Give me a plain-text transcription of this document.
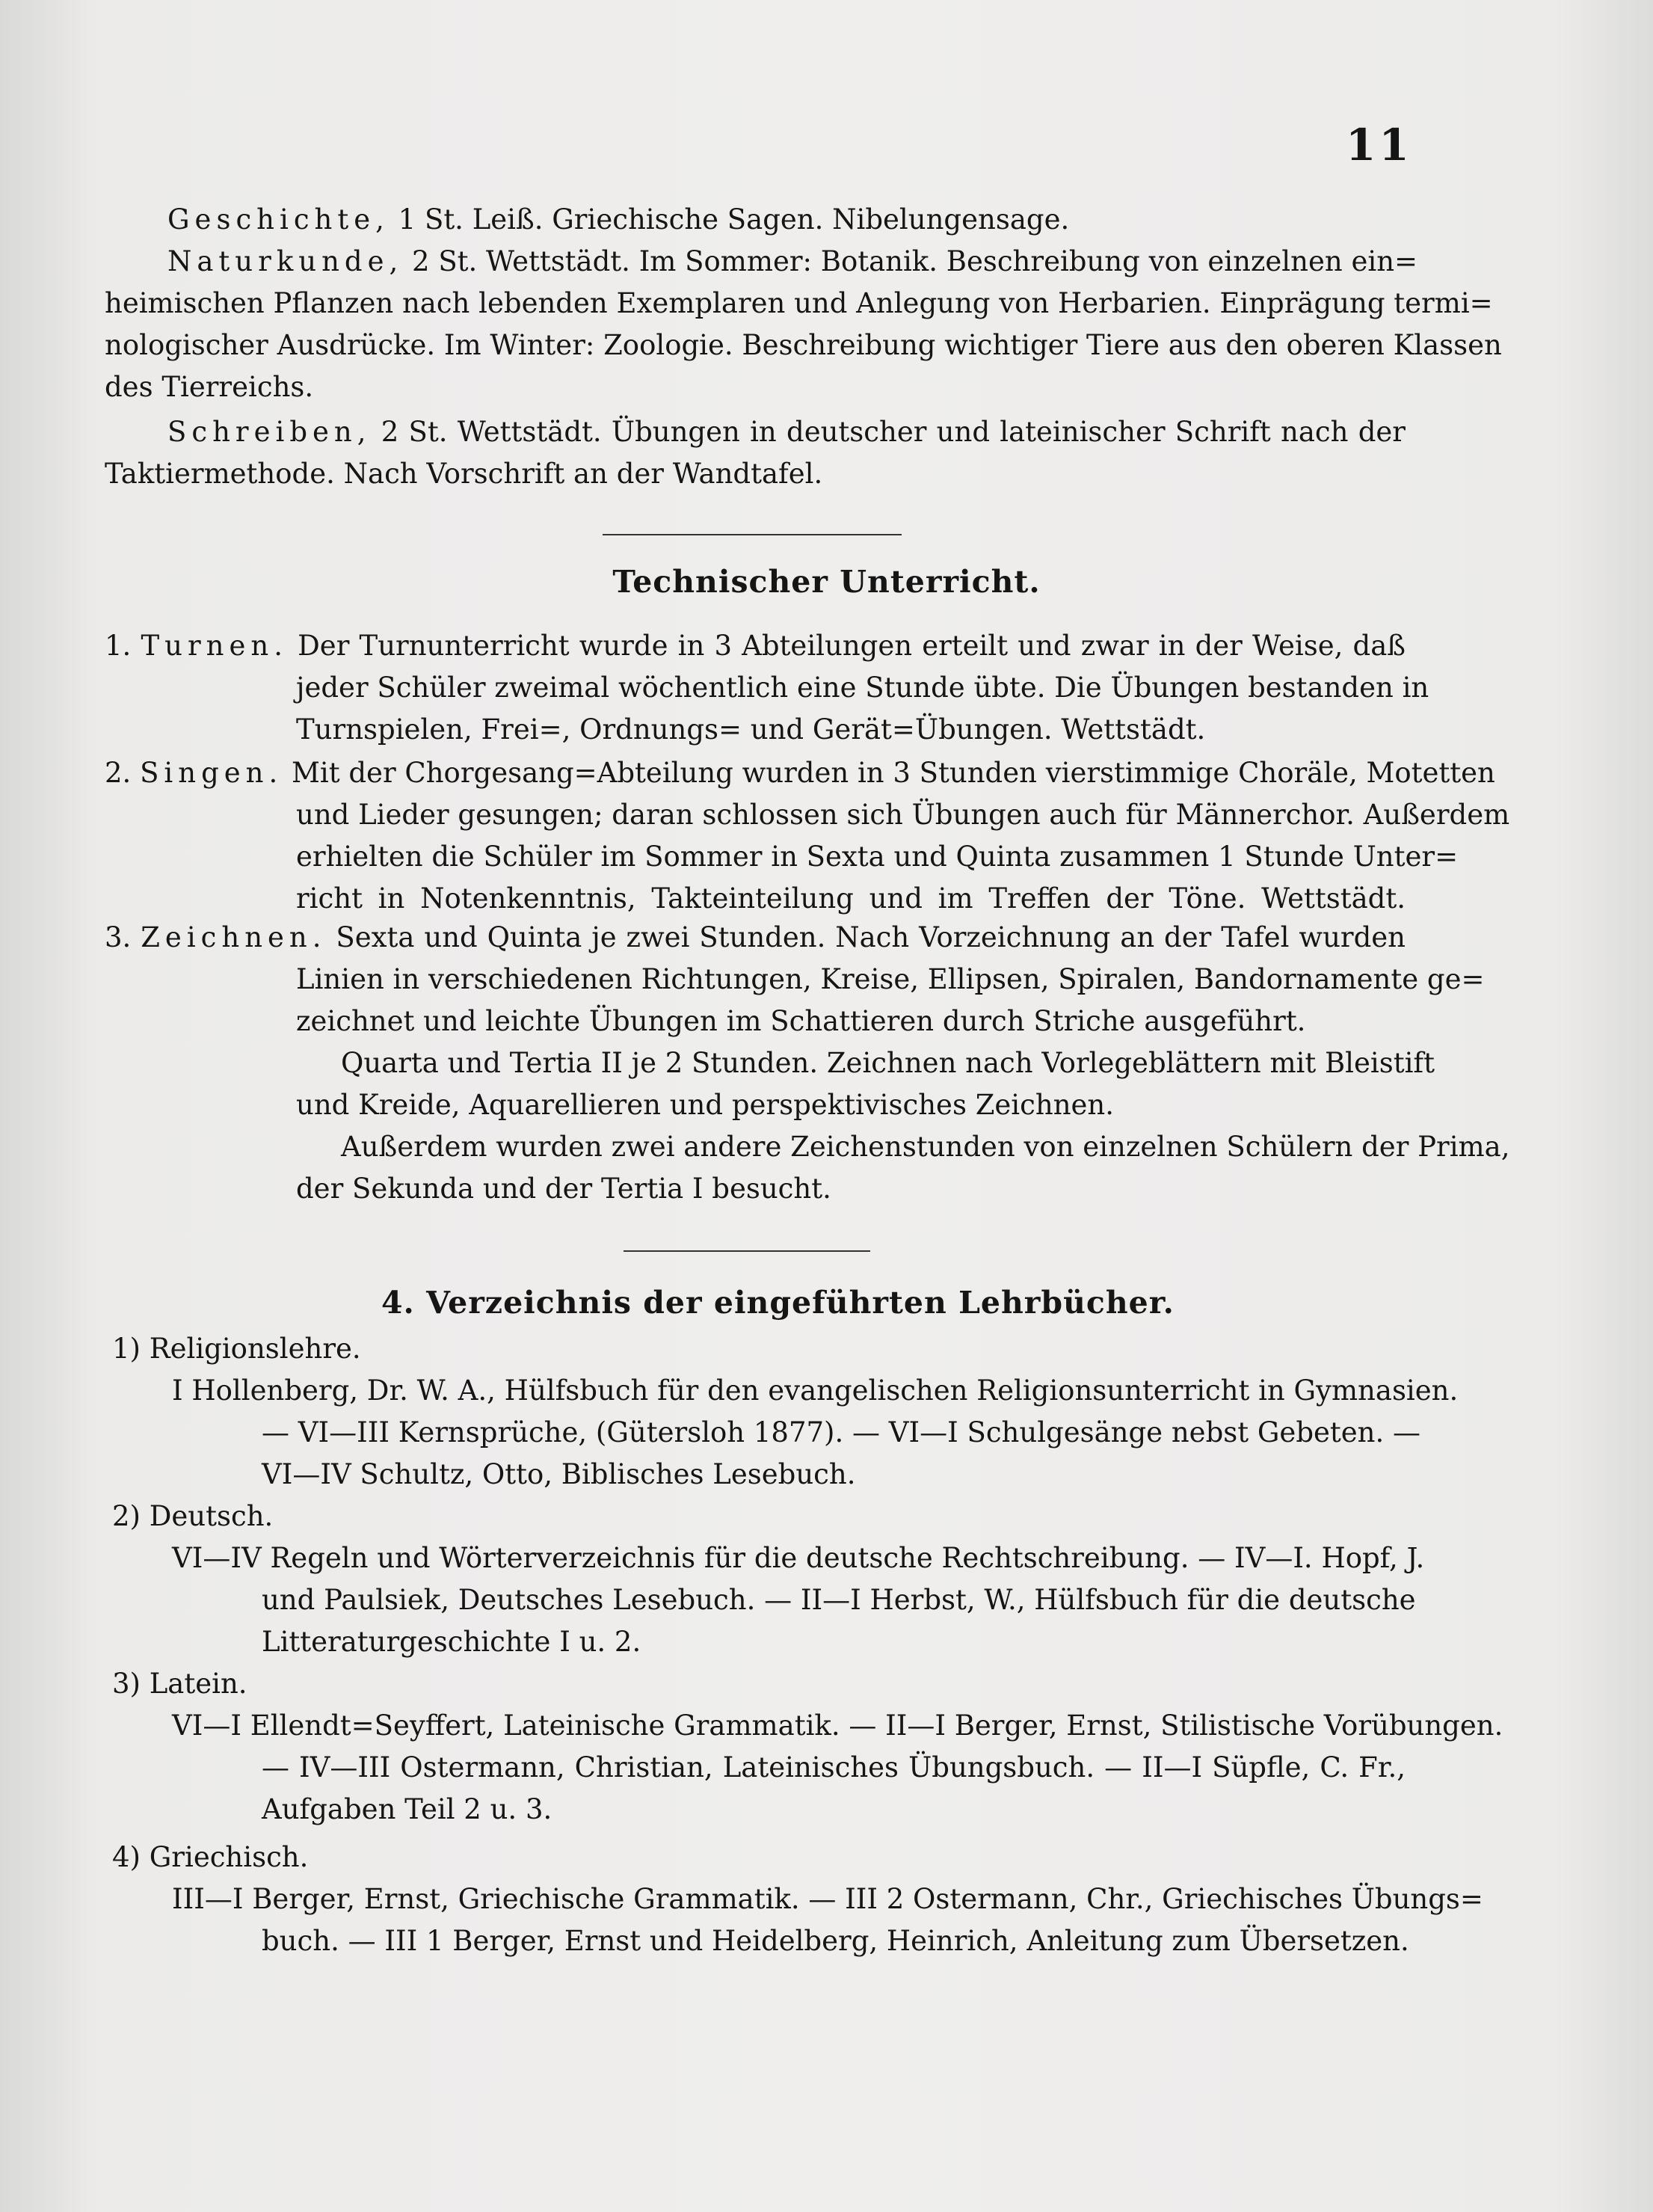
11
Geschichte, 1 St. Leiß. Griechische Sagen. Nibelungensage.
Naturkunde, 2 St. Wettstädt. Im Sommer: Botanik. Beschreibung von einzelnen ein=
heimischen Pflanzen nach lebenden Exemplaren und Anlegung von Herbarien. Einprägung termi=
nologischer Ausdrücke. Im Winter: Zoologie. Beschreibung wichtiger Tiere aus den oberen Klassen
des Tierreichs.
Schreiben, 2 St. Wettstädt. Übungen in deutscher und lateinischer Schrift nach der
Taktiermethode. Nach Vorschrift an der Wandtafel.
Technischer Unterricht.
1. Turnen. Der Turnunterricht wurde in 3 Abteilungen erteilt und zwar in der Weise, daß
jeder Schüler zweimal wöchentlich eine Stunde übte. Die Übungen bestanden in
Turnspielen, Frei=, Ordnungs= und Gerät=Übungen. Wettstädt.
2. Singen. Mit der Chorgesang=Abteilung wurden in 3 Stunden vierstimmige Choräle, Motetten
und Lieder gesungen; daran schlossen sich Übungen auch für Männerchor. Außerdem
erhielten die Schüler im Sommer in Sexta und Quinta zusammen 1 Stunde Unter=
richt in Notenkenntnis, Takteinteilung und im Treffen der Töne. Wettstädt.
3. Zeichnen. Sexta und Quinta je zwei Stunden. Nach Vorzeichnung an der Tafel wurden
Linien in verschiedenen Richtungen, Kreise, Ellipsen, Spiralen, Bandornamente ge=
zeichnet und leichte Übungen im Schattieren durch Striche ausgeführt.
Quarta und Tertia II je 2 Stunden. Zeichnen nach Vorlegeblättern mit Bleistift
und Kreide, Aquarellieren und perspektivisches Zeichnen.
Außerdem wurden zwei andere Zeichenstunden von einzelnen Schülern der Prima,
der Sekunda und der Tertia I besucht.
4. Verzeichnis der eingeführten Lehrbücher.
1) Religionslehre.
I Hollenberg, Dr. W. A., Hülfsbuch für den evangelischen Religionsunterricht in Gymnasien.
— VI—III Kernsprüche, (Gütersloh 1877). — VI—I Schulgesänge nebst Gebeten. —
VI—IV Schultz, Otto, Biblisches Lesebuch.
2) Deutsch.
VI—IV Regeln und Wörterverzeichnis für die deutsche Rechtschreibung. — IV—I. Hopf, J.
und Paulsiek, Deutsches Lesebuch. — II—I Herbst, W., Hülfsbuch für die deutsche
Litteraturgeschichte I u. 2.
3) Latein.
VI—I Ellendt=Seyffert, Lateinische Grammatik. — II—I Berger, Ernst, Stilistische Vorübungen.
— IV—III Ostermann, Christian, Lateinisches Übungsbuch. — II—I Süpfle, C. Fr.,
Aufgaben Teil 2 u. 3.
4) Griechisch.
III—I Berger, Ernst, Griechische Grammatik. — III 2 Ostermann, Chr., Griechisches Übungs=
buch. — III 1 Berger, Ernst und Heidelberg, Heinrich, Anleitung zum Übersetzen.
